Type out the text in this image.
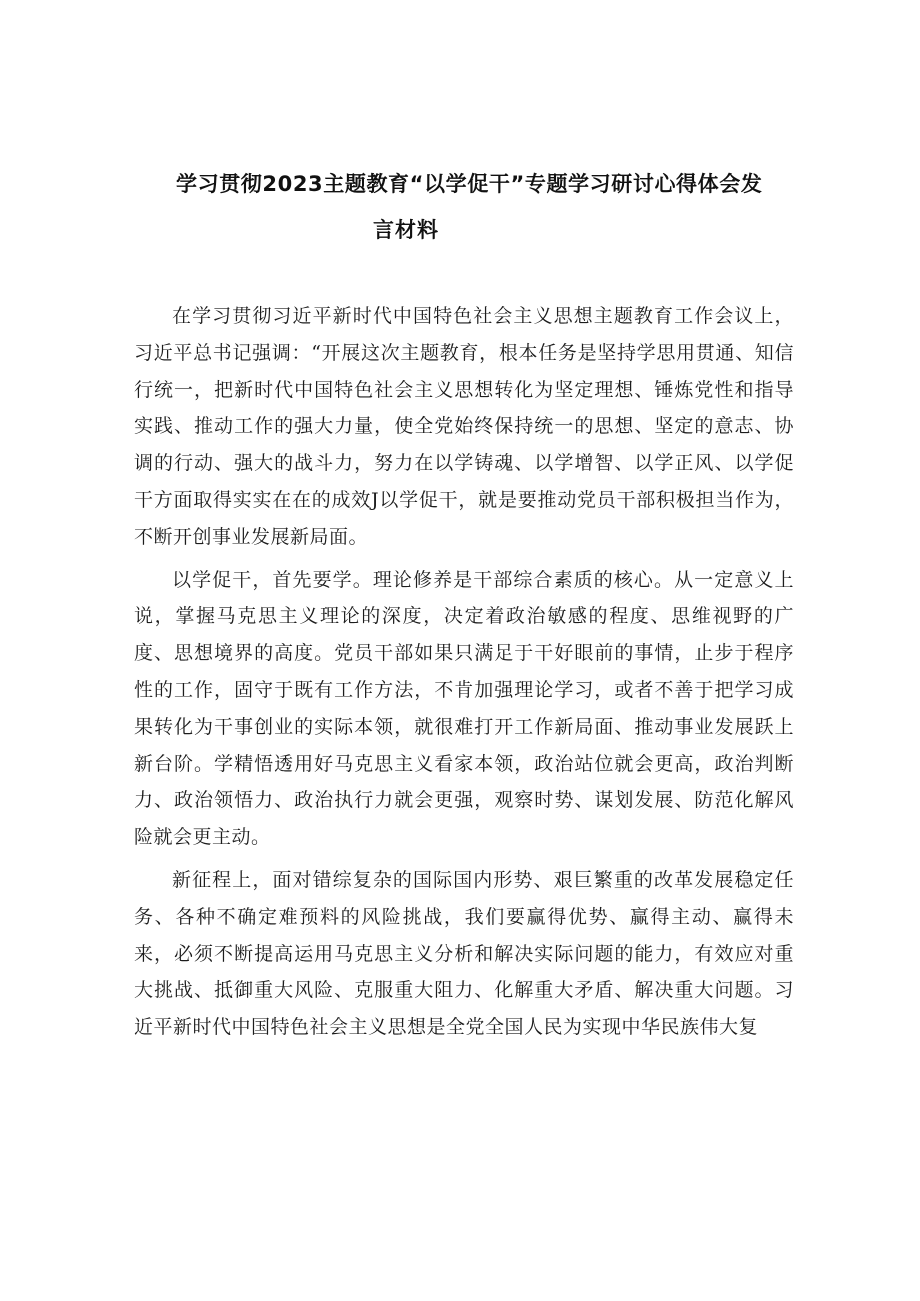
学习贯彻2023主题教育“以学促干”专题学习研讨心得体会发
言材料

在学习贯彻习近平新时代中国特色社会主义思想主题教育工作会议上，习近平总书记强调：“开展这次主题教育，根本任务是坚持学思用贯通、知信行统一，把新时代中国特色社会主义思想转化为坚定理想、锤炼党性和指导实践、推动工作的强大力量，使全党始终保持统一的思想、坚定的意志、协调的行动、强大的战斗力，努力在以学铸魂、以学增智、以学正风、以学促干方面取得实实在在的成效J以学促干，就是要推动党员干部积极担当作为，不断开创事业发展新局面。

以学促干，首先要学。理论修养是干部综合素质的核心。从一定意义上说，掌握马克思主义理论的深度，决定着政治敏感的程度、思维视野的广度、思想境界的高度。党员干部如果只满足于干好眼前的事情，止步于程序性的工作，固守于既有工作方法，不肯加强理论学习，或者不善于把学习成果转化为干事创业的实际本领，就很难打开工作新局面、推动事业发展跃上新台阶。学精悟透用好马克思主义看家本领，政治站位就会更高，政治判断力、政治领悟力、政治执行力就会更强，观察时势、谋划发展、防范化解风险就会更主动。

新征程上，面对错综复杂的国际国内形势、艰巨繁重的改革发展稳定任务、各种不确定难预料的风险挑战，我们要赢得优势、赢得主动、赢得未来，必须不断提高运用马克思主义分析和解决实际问题的能力，有效应对重大挑战、抵御重大风险、克服重大阻力、化解重大矛盾、解决重大问题。习近平新时代中国特色社会主义思想是全党全国人民为实现中华民族伟大复
